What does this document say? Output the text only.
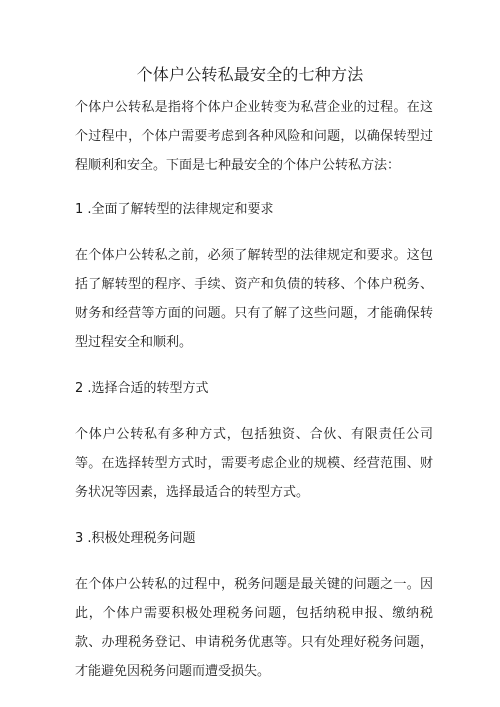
个体户公转私最安全的七种方法

个体户公转私是指将个体户企业转变为私营企业的过程。在这个过程中，个体户需要考虑到各种风险和问题，以确保转型过程顺利和安全。下面是七种最安全的个体户公转私方法：

1 .全面了解转型的法律规定和要求

在个体户公转私之前，必须了解转型的法律规定和要求。这包括了解转型的程序、手续、资产和负债的转移、个体户税务、财务和经营等方面的问题。只有了解了这些问题，才能确保转型过程安全和顺利。

2 .选择合适的转型方式

个体户公转私有多种方式，包括独资、合伙、有限责任公司等。在选择转型方式时，需要考虑企业的规模、经营范围、财务状况等因素，选择最适合的转型方式。

3 .积极处理税务问题

在个体户公转私的过程中，税务问题是最关键的问题之一。因此，个体户需要积极处理税务问题，包括纳税申报、缴纳税款、办理税务登记、申请税务优惠等。只有处理好税务问题，才能避免因税务问题而遭受损失。
